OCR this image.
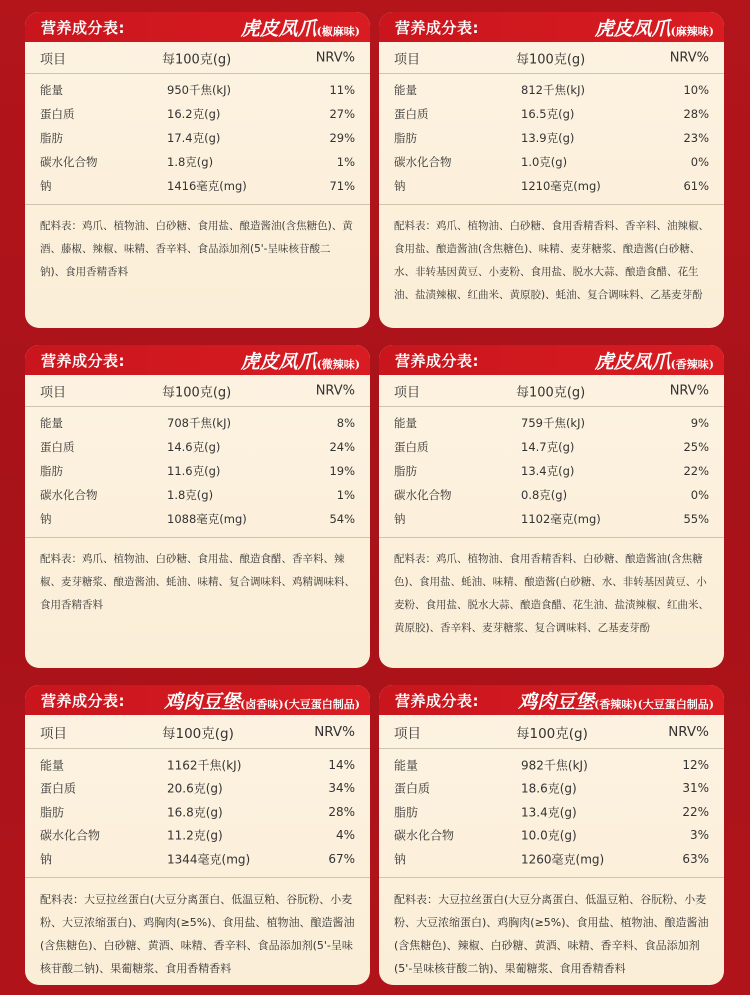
营养成分表:	虎皮凤爪(椒麻味)
项目	每100克(g)	NRV%
能量	950千焦(kJ)	11%
蛋白质	16.2克(g)	27%
脂肪	17.4克(g)	29%
碳水化合物	1.8克(g)	1%
钠	1416毫克(mg)	71%
配料表：鸡爪、植物油、白砂糖、食用盐、酿造酱油(含焦糖色)、黄酒、藤椒、辣椒、味精、香辛料、食品添加剂(5'-呈味核苷酸二钠)、食用香精香料
营养成分表:	虎皮凤爪(麻辣味)
项目	每100克(g)	NRV%
能量	812千焦(kJ)	10%
蛋白质	16.5克(g)	28%
脂肪	13.9克(g)	23%
碳水化合物	1.0克(g)	0%
钠	1210毫克(mg)	61%
配料表：鸡爪、植物油、白砂糖、食用香精香料、香辛料、油辣椒、食用盐、酿造酱油(含焦糖色)、味精、麦芽糖浆、酿造酱(白砂糖、水、非转基因黄豆、小麦粉、食用盐、脱水大蒜、酿造食醋、花生油、盐渍辣椒、红曲米、黄原胶)、蚝油、复合调味料、乙基麦芽酚
营养成分表:	虎皮凤爪(微辣味)
项目	每100克(g)	NRV%
能量	708千焦(kJ)	8%
蛋白质	14.6克(g)	24%
脂肪	11.6克(g)	19%
碳水化合物	1.8克(g)	1%
钠	1088毫克(mg)	54%
配料表：鸡爪、植物油、白砂糖、食用盐、酿造食醋、香辛料、辣椒、麦芽糖浆、酿造酱油、蚝油、味精、复合调味料、鸡精调味料、食用香精香料
营养成分表:	虎皮凤爪(香辣味)
项目	每100克(g)	NRV%
能量	759千焦(kJ)	9%
蛋白质	14.7克(g)	25%
脂肪	13.4克(g)	22%
碳水化合物	0.8克(g)	0%
钠	1102毫克(mg)	55%
配料表：鸡爪、植物油、食用香精香料、白砂糖、酿造酱油(含焦糖色)、食用盐、蚝油、味精、酿造酱(白砂糖、水、非转基因黄豆、小麦粉、食用盐、脱水大蒜、酿造食醋、花生油、盐渍辣椒、红曲米、黄原胶)、香辛料、麦芽糖浆、复合调味料、乙基麦芽酚
营养成分表: 鸡肉豆堡(卤香味)(大豆蛋白制品)
项目	每100克(g)	NRV%
能量	1162千焦(kJ)	14%
蛋白质	20.6克(g)	34%
脂肪	16.8克(g)	28%
碳水化合物	11.2克(g)	4%
钠	1344毫克(mg)	67%
配料表：大豆拉丝蛋白(大豆分离蛋白、低温豆粕、谷朊粉、小麦粉、大豆浓缩蛋白)、鸡胸肉(≥5%)、食用盐、植物油、酿造酱油(含焦糖色)、白砂糖、黄酒、味精、香辛料、食品添加剂(5'-呈味核苷酸二钠)、果葡糖浆、食用香精香料
营养成分表: 鸡肉豆堡(香辣味)(大豆蛋白制品)
项目	每100克(g)	NRV%
能量	982千焦(kJ)	12%
蛋白质	18.6克(g)	31%
脂肪	13.4克(g)	22%
碳水化合物	10.0克(g)	3%
钠	1260毫克(mg)	63%
配料表：大豆拉丝蛋白(大豆分离蛋白、低温豆粕、谷朊粉、小麦粉、大豆浓缩蛋白)、鸡胸肉(≥5%)、食用盐、植物油、酿造酱油(含焦糖色)、辣椒、白砂糖、黄酒、味精、香辛料、食品添加剂(5'-呈味核苷酸二钠)、果葡糖浆、食用香精香料
